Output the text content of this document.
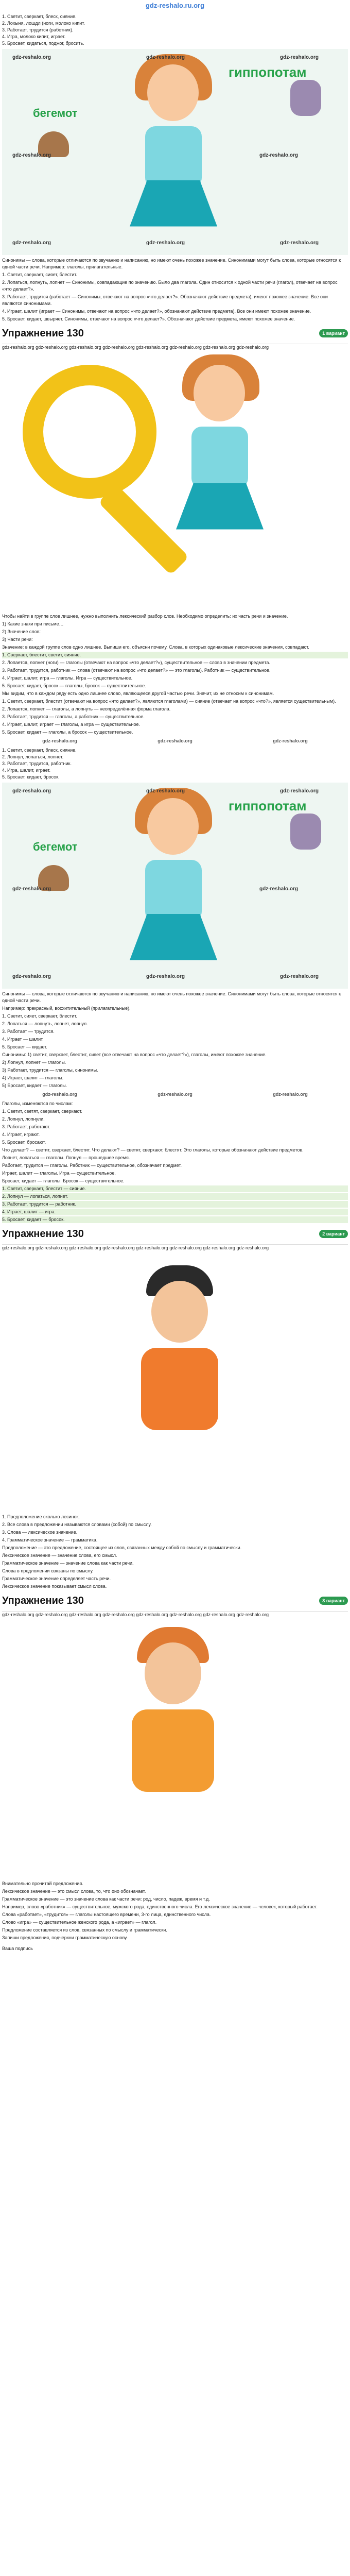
gdz-reshalo.ru.org
1. Светит, сверкает, блеск, сияние.
2. Лохыня, лошдл (ноги, молоко кипит.
3. Работает, трудится (работник).
4. Игра, молоко кипит, играет.
5. Бросает, кидаться, поджог, бросить.
гиппопотам
бегемот
gdz-reshalo.org	gdz-reshalo.org	gdz-reshalo.org
gdz-reshalo.org	gdz-reshalo.org
gdz-reshalo.org	gdz-reshalo.org	gdz-reshalo.org

Синонимы — слова, которые отличаются по звучанию и написанию, но имеют очень похожее значение. Синонимами могут быть слова, которые относятся к одной части речи. Например: глаголы, прилагательные.

1. Светит, сверкает, сияет, блестит.

2. Лопаться, лопнуть, лопнет — Синонимы, совпадающие по значению. Было два глагола. Один относится к одной части речи (глагол), отвечает на вопрос «что делает?».

3. Работает, трудится (работает — Синонимы, отвечают на вопрос «что делает?». Обозначают действие предмета), имеют похожее значение. Все они являются синонимами.

4. Играет, шалит (играет — Синонимы, отвечают на вопрос «что делает?», обозначают действие предмета). Все они имеют похожее значение.

5. Бросает, кидает, швыряет. Синонимы, отвечают на вопрос «что делает?». Обозначают действие предмета, имеют похожее значение.

Упражнение 130	1 вариант
gdz-reshalo.org gdz-reshalo.org gdz-reshalo.org gdz-reshalo.org gdz-reshalo.org gdz-reshalo.org gdz-reshalo.org gdz-reshalo.org

Чтобы найти в группе слов лишнее, нужно выполнить лексический разбор слов. Необходимо определить: их часть речи и значение.

1) Какие знаки при письме…

2) Значение слов:

3) Части речи:

Значение: в каждой группе слов одно лишнее. Выпиши его, объясни почему. Слова, в которых одинаковые лексические значения, совпадают.

1. Сверкает, блестит, светит, сияние.

2. Лопается, лопнет (ноги) — глаголы (отвечают на вопрос «что делает?»), существительное — слово в значении предмета.

3. Работает, трудится, работник — слова (отвечают на вопрос «что делает?» — это глаголы). Работник — существительное.

4. Играет, шалит, игра — глаголы. Игра — существительное.

5. Бросает, кидает, бросок — глаголы, бросок — существительное.

Мы видим, что в каждом ряду есть одно лишнее слово, являющееся другой частью речи. Значит, их не относим к синонимам.

1. Светит, сверкает, блестит (отвечают на вопрос «что делает?», являются глаголами) — сияние (отвечает на вопрос «что?», является существительным).

2. Лопается, лопнет — глаголы, а лопнуть — неопределённая форма глагола.

3. Работает, трудится — глаголы, а работник — существительное.

4. Играет, шалит, играет — глаголы, а игра — существительное.

5. Бросает, кидает — глаголы, а бросок — существительное.

gdz-reshalo.org	gdz-reshalo.org	gdz-reshalo.org
1. Светит, сверкает, блеск, сияние.
2. Лопнул, лопаться, лопнет.
3. Работает, трудится, работник.
4. Игра, шалит, играет.
5. Бросает, кидает, бросок.
гиппопотам
бегемот
gdz-reshalo.org	gdz-reshalo.org	gdz-reshalo.org
gdz-reshalo.org	gdz-reshalo.org
gdz-reshalo.org	gdz-reshalo.org	gdz-reshalo.org

Синонимы — слова, которые отличаются по звучанию и написанию, но имеют очень похожее значение. Синонимами могут быть слова, которые относятся к одной части речи.

Например: прекрасный, восхитительный (прилагательные).

1. Светит, сияет, сверкает, блестит.

2. Лопаться — лопнуть, лопнет, лопнул.

3. Работает — трудится.

4. Играет — шалит.

5. Бросает — кидает.

Синонимы: 1) светит, сверкает, блестит, сияет (все отвечают на вопрос «что делает?»), глаголы, имеют похожее значение.

2) Лопнул, лопнет — глаголы.

3) Работает, трудится — глаголы, синонимы.

4) Играет, шалит — глаголы.

5) Бросает, кидает — глаголы.

gdz-reshalo.org	gdz-reshalo.org	gdz-reshalo.org

Глаголы, изменяются по числам:

1. Светит, светят, сверкает, сверкают.

2. Лопнул, лопнули.

3. Работает, работают.

4. Играет, играют.

5. Бросает, бросают.

Что делает? — светит, сверкает, блестит. Что делают? — светят, сверкают, блестят. Это глаголы, которые обозначают действие предметов.

Лопнет, лопаться — глаголы. Лопнул — прошедшее время.

Работает, трудится — глаголы. Работник — существительное, обозначает предмет.

Играет, шалит — глаголы. Игра — существительное.

Бросает, кидает — глаголы. Бросок — существительное.

1. Светит, сверкает, блестит — сияние.

2. Лопнул — лопаться, лопнет.

3. Работает, трудится — работник.

4. Играет, шалит — игра.

5. Бросает, кидает — бросок.

Упражнение 130	2 вариант
gdz-reshalo.org gdz-reshalo.org gdz-reshalo.org gdz-reshalo.org gdz-reshalo.org gdz-reshalo.org gdz-reshalo.org gdz-reshalo.org

1. Предположение сколько лесинок.

2. Все слова в предложении называются словами (собой) по смыслу.

3. Слова — лексическое значение.

4. Грамматическое значение — грамматика.

Предположение — это предложение, состоящее из слов, связанных между собой по смыслу и грамматически.

Лексическое значение — значение слова, его смысл.

Грамматическое значение — значение слова как части речи.

Слова в предложении связаны по смыслу.

Грамматическое значение определяет часть речи.

Лексическое значение показывает смысл слова.

Упражнение 130	3 вариант
gdz-reshalo.org gdz-reshalo.org gdz-reshalo.org gdz-reshalo.org gdz-reshalo.org gdz-reshalo.org gdz-reshalo.org gdz-reshalo.org

Внимательно прочитай предложения.

Лексическое значение — это смысл слова, то, что оно обозначает.

Грамматическое значение — это значение слова как части речи: род, число, падеж, время и т.д.

Например, слово «работник» — существительное, мужского рода, единственного числа. Его лексическое значение — человек, который работает.

Слова «работает», «трудится» — глаголы настоящего времени, 3-го лица, единственного числа.

Слово «игра» — существительное женского рода, а «играет» — глагол.

Предложение составляется из слов, связанных по смыслу и грамматически.

Запиши предложения, подчеркни грамматическую основу.

Ваша подпись
